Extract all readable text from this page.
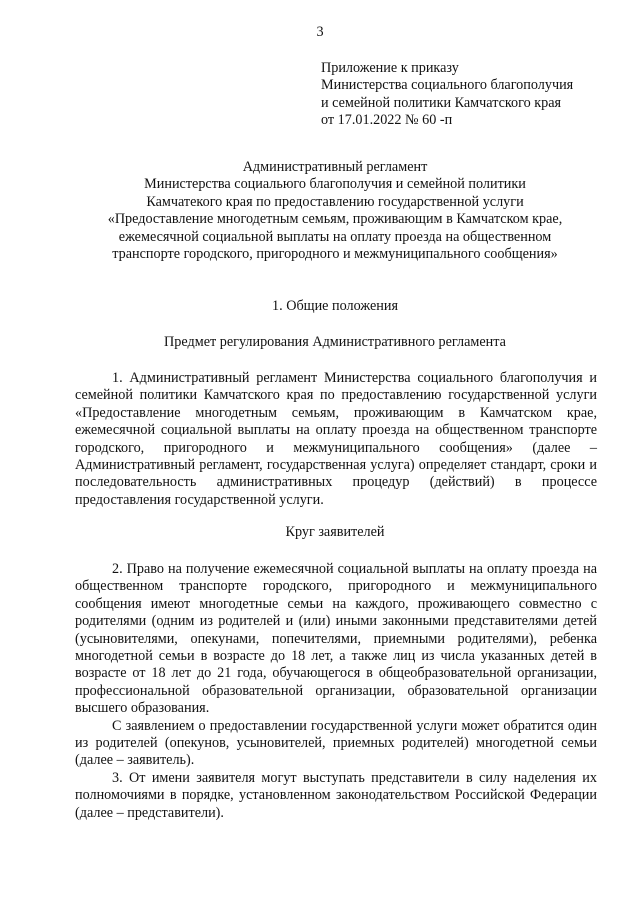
3
Приложение к приказу
Министерства социального благополучия
и семейной политики Камчатского края
от 17.01.2022 № 60 -п
Административный регламент
Министерства социальюго благополучия и семейной политики
Камчатекого края по предоставлению государственной услуги
«Предоставление многодетным семьям, проживающим в Камчатском крае,
ежемесячной социальной выплаты на оплату проезда на общественном
транспорте городского, пригородного и межмуниципального сообщения»
1. Общие положения
Предмет регулирования Административного регламента

1. Административный регламент Министерства социального благополучия и семейной политики Камчатского края по предоставлению государственной услуги «Предоставление многодетным семьям, проживающим в Камчатском крае, ежемесячной социальной выплаты на оплату проезда на общественном транспорте городского, пригородного и межмуниципального сообщения» (далее – Административный регламент, государственная услуга) определяет стандарт, сроки и последовательность административных процедур (действий) в процессе предоставления государственной услуги.

Круг заявителей

2. Право на получение ежемесячной социальной выплаты на оплату проезда на общественном транспорте городского, пригородного и межмуниципального сообщения имеют многодетные семьи на каждого, проживающего совместно с родителями (одним из родителей и (или) иными законными представителями детей (усыновителями, опекунами, попечителями, приемными родителями), ребенка многодетной семьи в возрасте до 18 лет, а также лиц из числа указанных детей в возрасте от 18 лет до 21 года, обучающегося в общеобразовательной организации, профессиональной образовательной организации, образовательной организации высшего образования.

С заявлением о предоставлении государственной услуги может обратится один из родителей (опекунов, усыновителей, приемных родителей) многодетной семьи (далее – заявитель).

3. От имени заявителя могут выступать представители в силу наделения их полномочиями в порядке, установленном законодательством Российской Федерации (далее – представители).
